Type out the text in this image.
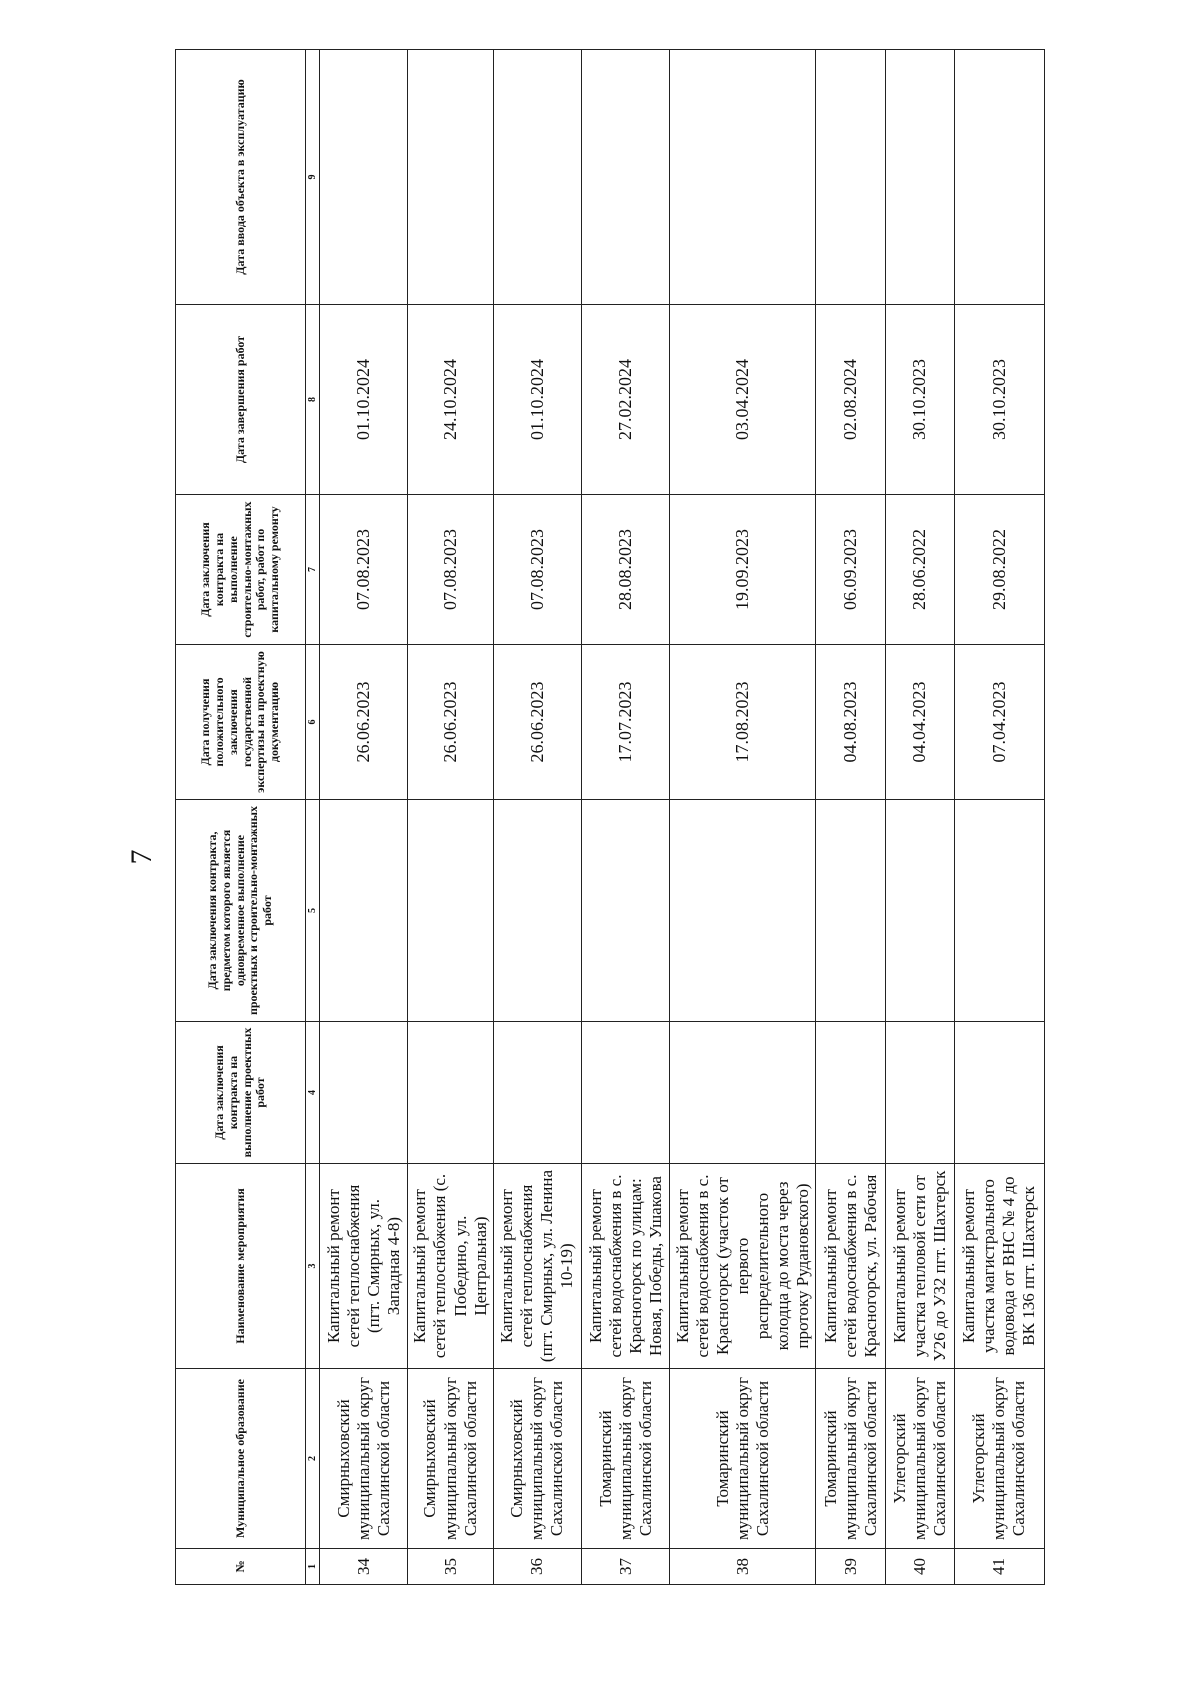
7
№	Муниципальное образование	Наименование мероприятия	Дата заключения контракта на выполнение проектных работ	Дата заключения контракта, предметом которого является одновременное выполнение проектных и строительно-монтажных работ	Дата получения положительного заключения государственной экспертизы на проектную документацию	Дата заключения контракта на выполнение строительно-монтажных работ, работ по капитальному ремонту	Дата завершения работ	Дата ввода объекта в эксплуатацию
1	2	3	4	5	6	7	8	9
34	Смирныховский муниципальный округ Сахалинской области	Капитальный ремонт сетей теплоснабжения (пгт. Смирных, ул. Западная 4-8)			26.06.2023	07.08.2023	01.10.2024	
35	Смирныховский муниципальный округ Сахалинской области	Капитальный ремонт сетей теплоснабжения (с. Победино, ул. Центральная)			26.06.2023	07.08.2023	24.10.2024	
36	Смирныховский муниципальный округ Сахалинской области	Капитальный ремонт сетей теплоснабжения (пгт. Смирных, ул. Ленина 10-19)			26.06.2023	07.08.2023	01.10.2024	
37	Томаринский муниципальный округ Сахалинской области	Капитальный ремонт сетей водоснабжения в с. Красногорск по улицам: Новая, Победы, Ушакова			17.07.2023	28.08.2023	27.02.2024	
38	Томаринский муниципальный округ Сахалинской области	Капитальный ремонт сетей водоснабжения в с. Красногорск (участок от первого распределительного колодца до моста через протоку Рудановского)			17.08.2023	19.09.2023	03.04.2024	
39	Томаринский муниципальный округ Сахалинской области	Капитальный ремонт сетей водоснабжения в с. Красногорск, ул. Рабочая			04.08.2023	06.09.2023	02.08.2024	
40	Углегорский муниципальный округ Сахалинской области	Капитальный ремонт участка тепловой сети от У26 до У32 пгт. Шахтерск			04.04.2023	28.06.2022	30.10.2023	
41	Углегорский муниципальный округ Сахалинской области	Капитальный ремонт участка магистрального водовода от ВНС № 4 до ВК 136 пгт. Шахтерск			07.04.2023	29.08.2022	30.10.2023	
